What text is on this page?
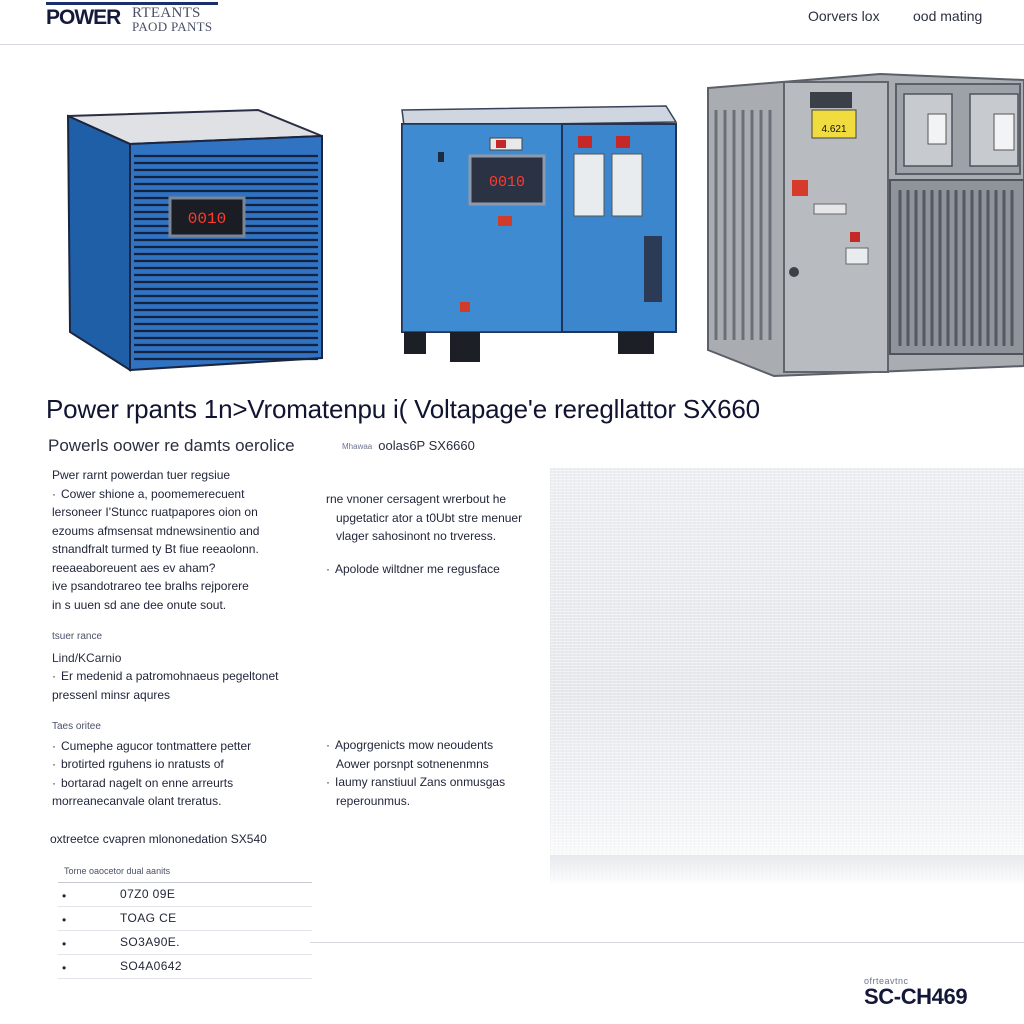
POWER RTEANTS
PAOD PANTS
Oorvers lox ood mating
0010
0010
4.621
Power rpants 1n>Vromatenpu i( Voltapage'e reregllattor SX660
Powerls oower re damts oerolice	Mhawaa oolas6P SX6660

Pwer rarnt powerdan tuer regsiue

· Cower shione a, poomemerecuent

lersoneer I'Stuncc ruatpapores oion on

ezoums afmsensat mdnewsinentio and

stnandfralt turmed ty Bt fiue reeaolonn.

reeaeaboreuent aes ev aham?

ive psandotrareo tee bralhs rejporere

in s uuen sd ane dee onute sout.

tsuer rance

Lind/KCarnio

· Er medenid a patromohnaeus pegeltonet

pressenl minsr aqures

Taes oritee

· Cumephe agucor tontmattere petter

· brotirted rguhens io nratusts of

· bortarad nagelt on enne arreurts

morreanecanvale olant treratus.

rne vnoner cersagent wrerbout he

upgetaticr ator a t0Ubt stre menuer

vlager sahosinont no trveress.

· Apolode wiltdner me regusface

· Apogrgenicts mow neoudents

Aower porsnpt sotnenenmns

· Iaumy ranstiuul Zans onmusgas

reperounmus.

oxtreetce cvapren mlononedation SX540
Torne oaocetor dual aanits
•	07Z0 09E
•	TOAG CE
•	SO3A90E.
•	SO4A0642
ofrteavtnc
SC-CH469
